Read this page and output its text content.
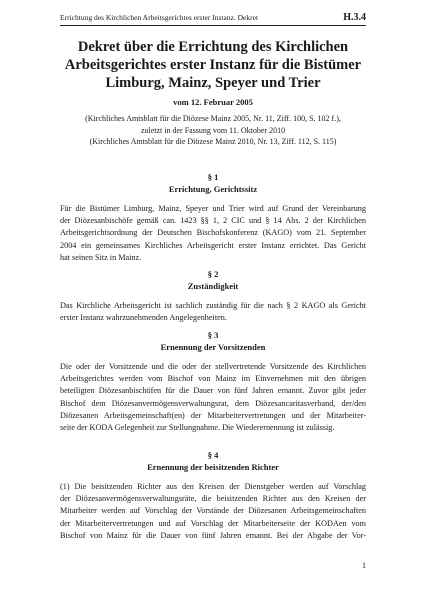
Errichtung des Kirchlichen Arbeitsgerichtes erster Instanz. Dekret	H.3.4
Dekret über die Errichtung des Kirchlichen
Arbeitsgerichtes erster Instanz für die Bistümer
Limburg, Mainz, Speyer und Trier
vom 12. Februar 2005
(Kirchliches Amtsblatt für die Diözese Mainz 2005, Nr. 11, Ziff. 100, S. 102 f.),
zuletzt in der Fassung vom 11. Oktober 2010
(Kirchliches Amtsblatt für die Diözese Mainz 2010, Nr. 13, Ziff. 112, S. 115)
§ 1
Errichtung, Gerichtssitz
Für die Bistümer Limburg, Mainz, Speyer und Trier wird auf Grund der Vereinbarung
der Diözesanbischöfe gemäß can. 1423 §§ 1, 2 CIC und § 14 Abs. 2 der Kirchlichen
Arbeitsgerichtsordnung der Deutschen Bischofskonferenz (KAGO) vom 21. September
2004 ein gemeinsames Kirchliches Arbeitsgericht erster Instanz errichtet. Das Gericht
hat seinen Sitz in Mainz.
§ 2
Zuständigkeit
Das Kirchliche Arbeitsgericht ist sachlich zuständig für die nach § 2 KAGO als Gericht
erster Instanz wahrzunehmenden Angelegenheiten.
§ 3
Ernennung der Vorsitzenden
Die oder der Vorsitzende und die oder der stellvertretende Vorsitzende des Kirchlichen
Arbeitsgerichtes werden vom Bischof von Mainz im Einvernehmen mit den übrigen
beteiligten Diözesanbischöfen für die Dauer von fünf Jahren ernannt. Zuvor gibt jeder
Bischof dem Diözesanvermögensverwaltungsrat, dem Diözesancaritasverband, der/den
Diözesanen Arbeitsgemeinschaft(en) der Mitarbeitervertretungen und der Mitarbeiter-
seite der KODA Gelegenheit zur Stellungnahme. Die Wiederernennung ist zulässig.
§ 4
Ernennung der beisitzenden Richter
(1) Die beisitzenden Richter aus den Kreisen der Dienstgeber werden auf Vorschlag
der Diözesanvermögensverwaltungsräte, die beisitzenden Richter aus den Kreisen der
Mitarbeiter werden auf Vorschlag der Vorstände der Diözesanen Arbeitsgemeinschaften
der Mitarbeitervertretungen und auf Vorschlag der Mitarbeiterseite der KODAen vom
Bischof von Mainz für die Dauer von fünf Jahren ernannt. Bei der Abgabe der Vor-
1
